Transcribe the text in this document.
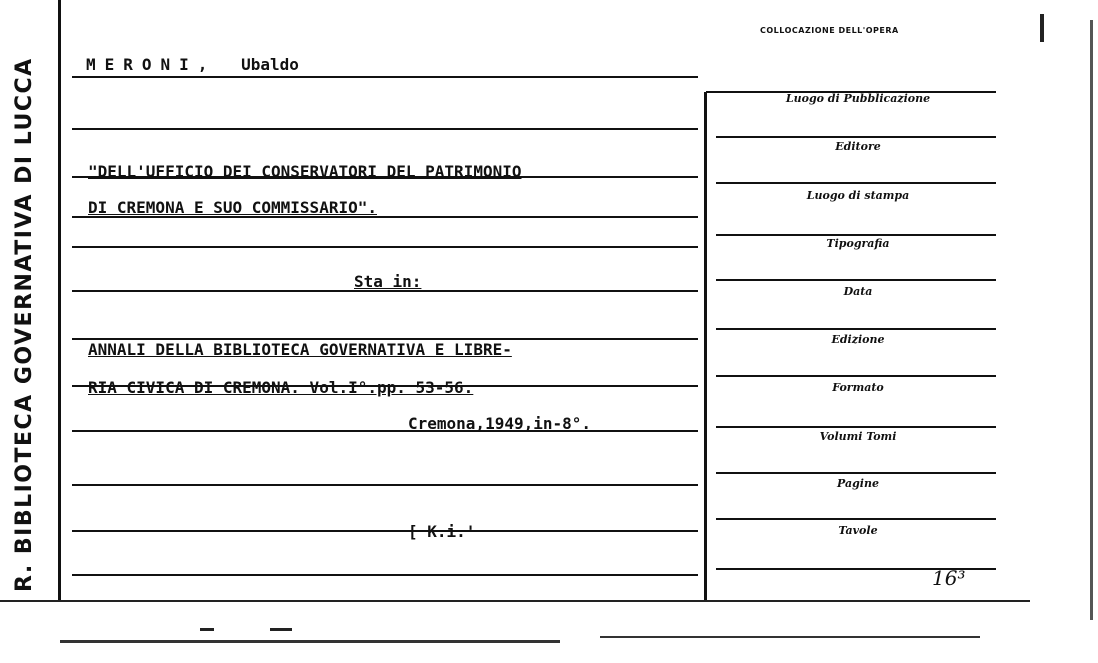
R. BIBLIOTECA GOVERNATIVA DI LUCCA
COLLOCAZIONE DELL'OPERA
MERONI, Ubaldo
"DELL'UFFICIO DEI CONSERVATORI DEL PATRIMONIO
DI CREMONA E SUO COMMISSARIO".
Sta in:
ANNALI DELLA BIBLIOTECA GOVERNATIVA E LIBRE-
RIA CIVICA DI CREMONA. Vol.I°.pp. 53-56.
Cremona,1949,in-8°.
[ K.i.'
Luogo di Pubblicazione
Editore
Luogo di stampa
Tipografia
Data
Edizione
Formato
Volumi Tomi
Pagine
Tavole
16³
